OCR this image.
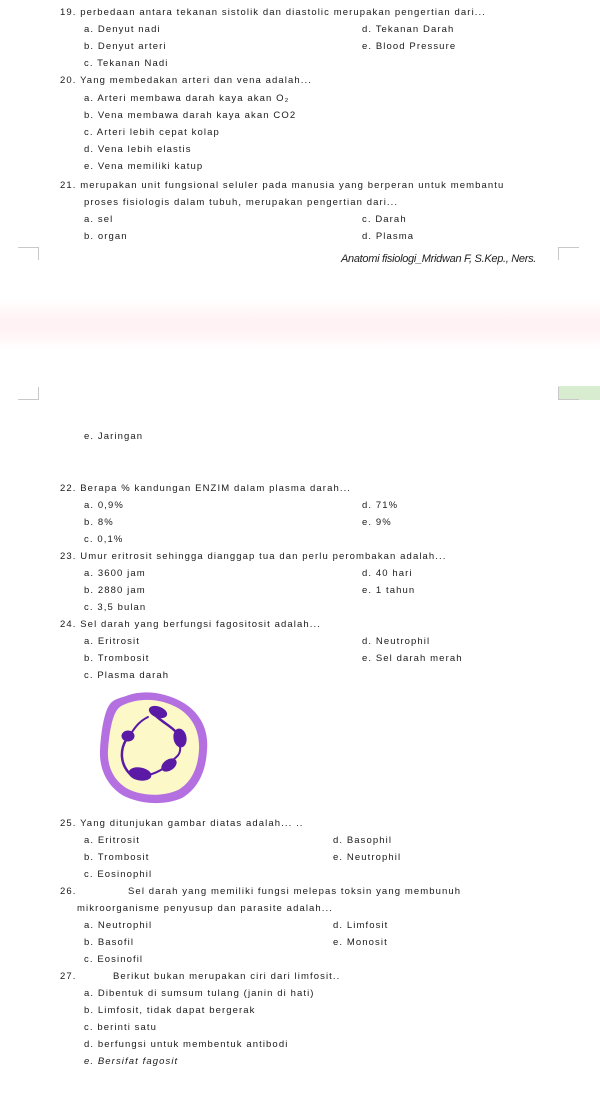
19. perbedaan antara tekanan sistolik dan diastolic merupakan pengertian dari...
a. Denyut nadi	d. Tekanan Darah
b. Denyut arteri	e. Blood Pressure
c. Tekanan Nadi
20. Yang membedakan arteri dan vena adalah...
a. Arteri membawa darah kaya akan O₂
b. Vena membawa darah kaya akan CO2
c. Arteri lebih cepat kolap
d. Vena lebih elastis
e. Vena memiliki katup
21. merupakan unit fungsional seluler pada manusia yang berperan untuk membantu
proses fisiologis dalam tubuh, merupakan pengertian dari...
a. sel	c. Darah
b. organ	d. Plasma
Anatomi fisiologi_Mridwan F, S.Kep., Ners.
e. Jaringan
22. Berapa % kandungan ENZIM dalam plasma darah...
a. 0,9%	d. 71%
b. 8%	e. 9%
c. 0,1%
23. Umur eritrosit sehingga dianggap tua dan perlu perombakan adalah...
a. 3600 jam	d. 40 hari
b. 2880 jam	e. 1 tahun
c. 3,5 bulan
24. Sel darah yang berfungsi fagositosit adalah...
a. Eritrosit	d. Neutrophil
b. Trombosit	e. Sel darah merah
c. Plasma darah
25. Yang ditunjukan gambar diatas adalah... ..
a. Eritrosit	d. Basophil
b. Trombosit	e. Neutrophil
c. Eosinophil
26.	Sel darah yang memiliki fungsi melepas toksin yang membunuh
mikroorganisme penyusup dan parasite adalah...
a. Neutrophil	d. Limfosit
b. Basofil	e. Monosit
c. Eosinofil
27.	Berikut bukan merupakan ciri dari limfosit..
a. Dibentuk di sumsum tulang (janin di hati)
b. Limfosit, tidak dapat bergerak
c. berinti satu
d. berfungsi untuk membentuk antibodi
e. Bersifat fagosit
